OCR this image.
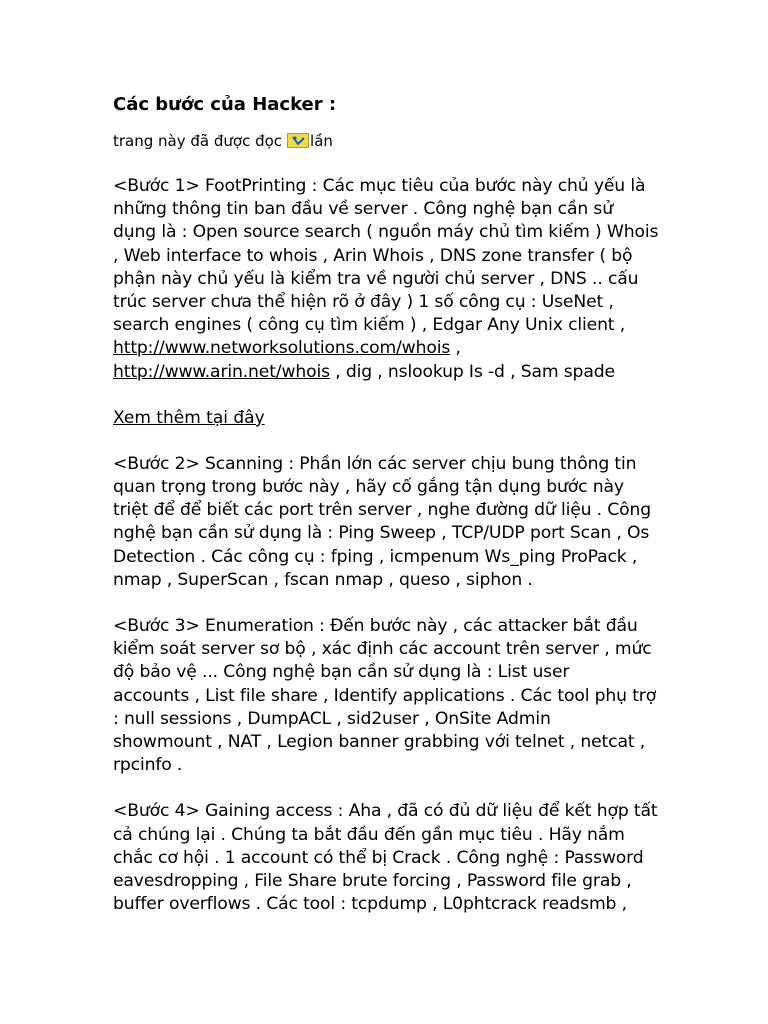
Các bước của Hacker :
trang này đã được đọc lần
<Bước 1> FootPrinting : Các mục tiêu của bước này chủ yếu là
những thông tin ban đầu về server . Công nghệ bạn cần sử
dụng là : Open source search ( nguồn máy chủ tìm kiếm ) Whois
, Web interface to whois , Arin Whois , DNS zone transfer ( bộ
phận này chủ yếu là kiểm tra về người chủ server , DNS .. cấu
trúc server chưa thể hiện rõ ở đây ) 1 số công cụ : UseNet ,
search engines ( công cụ tìm kiếm ) , Edgar Any Unix client ,
http://www.networksolutions.com/whois ,
http://www.arin.net/whois , dig , nslookup Is -d , Sam spade
Xem thêm tại đây
<Bước 2> Scanning : Phần lớn các server chịu bung thông tin
quan trọng trong bước này , hãy cố gắng tận dụng bước này
triệt để để biết các port trên server , nghe đường dữ liệu . Công
nghệ bạn cần sử dụng là : Ping Sweep , TCP/UDP port Scan , Os
Detection . Các công cụ : fping , icmpenum Ws_ping ProPack ,
nmap , SuperScan , fscan nmap , queso , siphon .
<Bước 3> Enumeration : Đến bước này , các attacker bắt đầu
kiểm soát server sơ bộ , xác định các account trên server , mức
độ bảo vệ ... Công nghệ bạn cần sử dụng là : List user
accounts , List file share , Identify applications . Các tool phụ trợ
: null sessions , DumpACL , sid2user , OnSite Admin
showmount , NAT , Legion banner grabbing với telnet , netcat ,
rpcinfo .
<Bước 4> Gaining access : Aha , đã có đủ dữ liệu để kết hợp tất
cả chúng lại . Chúng ta bắt đầu đến gần mục tiêu . Hãy nắm
chắc cơ hội . 1 account có thể bị Crack . Công nghệ : Password
eavesdropping , File Share brute forcing , Password file grab ,
buffer overflows . Các tool : tcpdump , L0phtcrack readsmb ,
